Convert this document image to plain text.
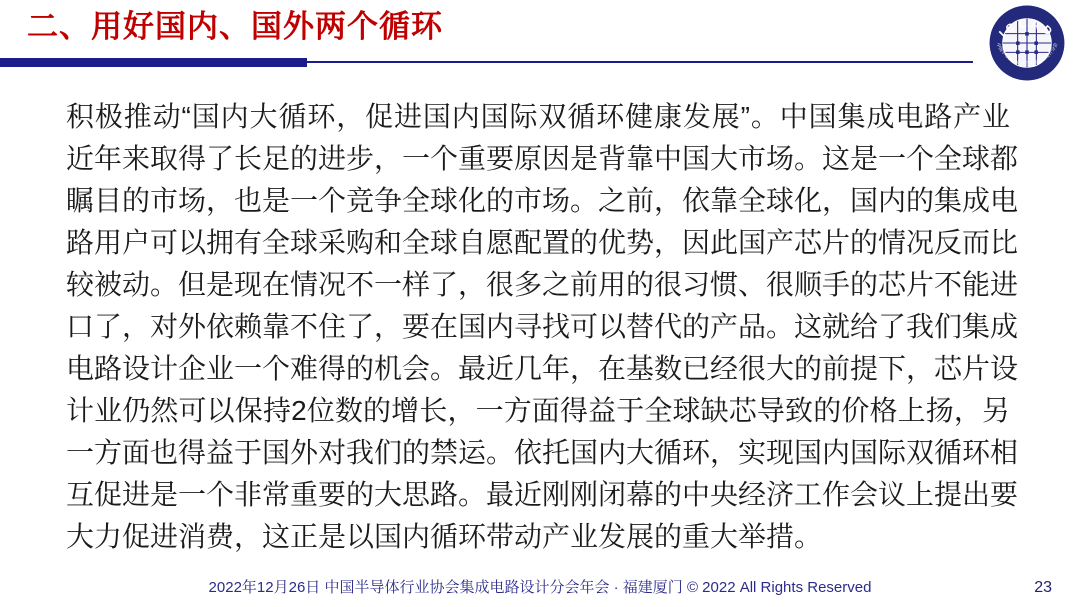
二、用好国内、国外两个循环	ICCAD
中国半导体行业协会集成电路设计分会
积极推动“国内大循环，促进国内国际双循环健康发展”。中国集成电路产业
近年来取得了长足的进步，一个重要原因是背靠中国大市场。这是一个全球都
瞩目的市场，也是一个竞争全球化的市场。之前，依靠全球化，国内的集成电
路用户可以拥有全球采购和全球自愿配置的优势，因此国产芯片的情况反而比
较被动。但是现在情况不一样了，很多之前用的很习惯、很顺手的芯片不能进
口了，对外依赖靠不住了，要在国内寻找可以替代的产品。这就给了我们集成
电路设计企业一个难得的机会。最近几年，在基数已经很大的前提下，芯片设
计业仍然可以保持2位数的增长，一方面得益于全球缺芯导致的价格上扬，另
一方面也得益于国外对我们的禁运。依托国内大循环，实现国内国际双循环相
互促进是一个非常重要的大思路。最近刚刚闭幕的中央经济工作会议上提出要
大力促进消费，这正是以国内循环带动产业发展的重大举措。
2022年12月26日 中国半导体行业协会集成电路设计分会年会 · 福建厦门 © 2022 All Rights Reserved	23
